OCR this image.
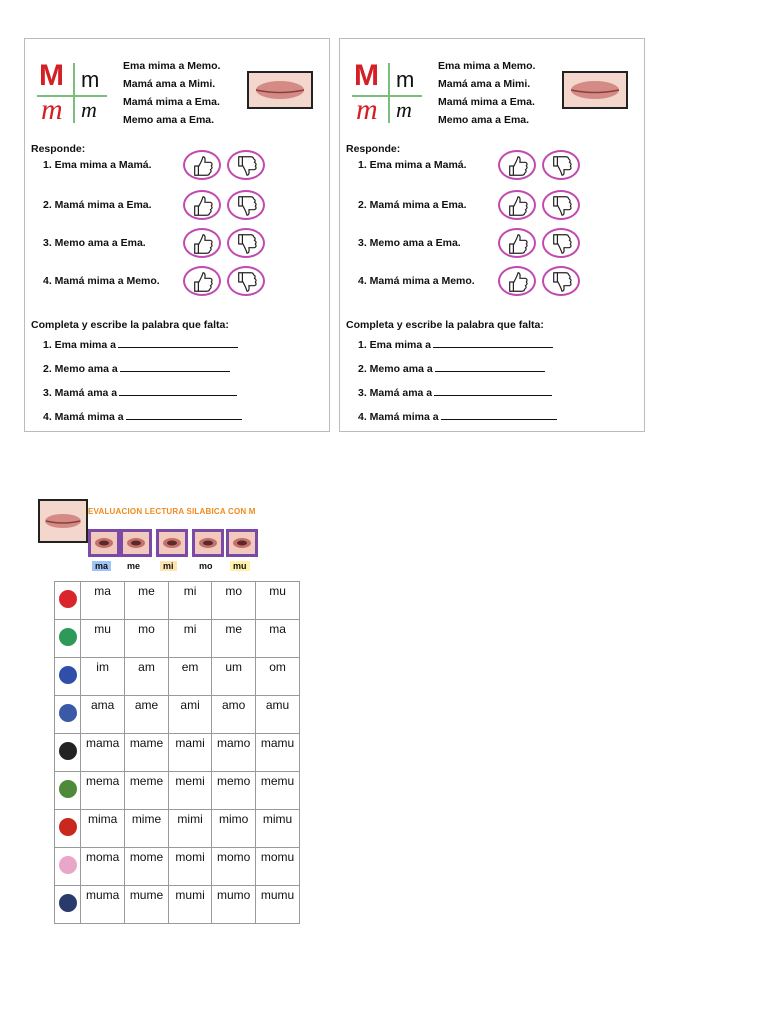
M m
m m
Ema mima a Memo.
Mamá ama a Mimi.
Mamá mima a Ema.
Memo ama a Ema.
Responde:
1. Ema mima a Mamá.
2. Mamá mima a Ema.
3. Memo ama a Ema.
4. Mamá mima a Memo.
Completa y escribe la palabra que falta:
1. Ema mima a
2. Memo ama a
3. Mamá ama a
4. Mamá mima a
M m
m m
Ema mima a Memo.
Mamá ama a Mimi.
Mamá mima a Ema.
Memo ama a Ema.
Responde:
1. Ema mima a Mamá.
2. Mamá mima a Ema.
3. Memo ama a Ema.
4. Mamá mima a Memo.
Completa y escribe la palabra que falta:
1. Ema mima a
2. Memo ama a
3. Mamá ama a
4. Mamá mima a
EVALUACION LECTURA SILABICA CON M
ma	me	mi	mo	mu
	ma	me	mi	mo	mu
	mu	mo	mi	me	ma
	im	am	em	um	om
	ama	ame	ami	amo	amu
	mama	mame	mami	mamo	mamu
	mema	meme	memi	memo	memu
	mima	mime	mimi	mimo	mimu
	moma	mome	momi	momo	momu
	muma	mume	mumi	mumo	mumu
